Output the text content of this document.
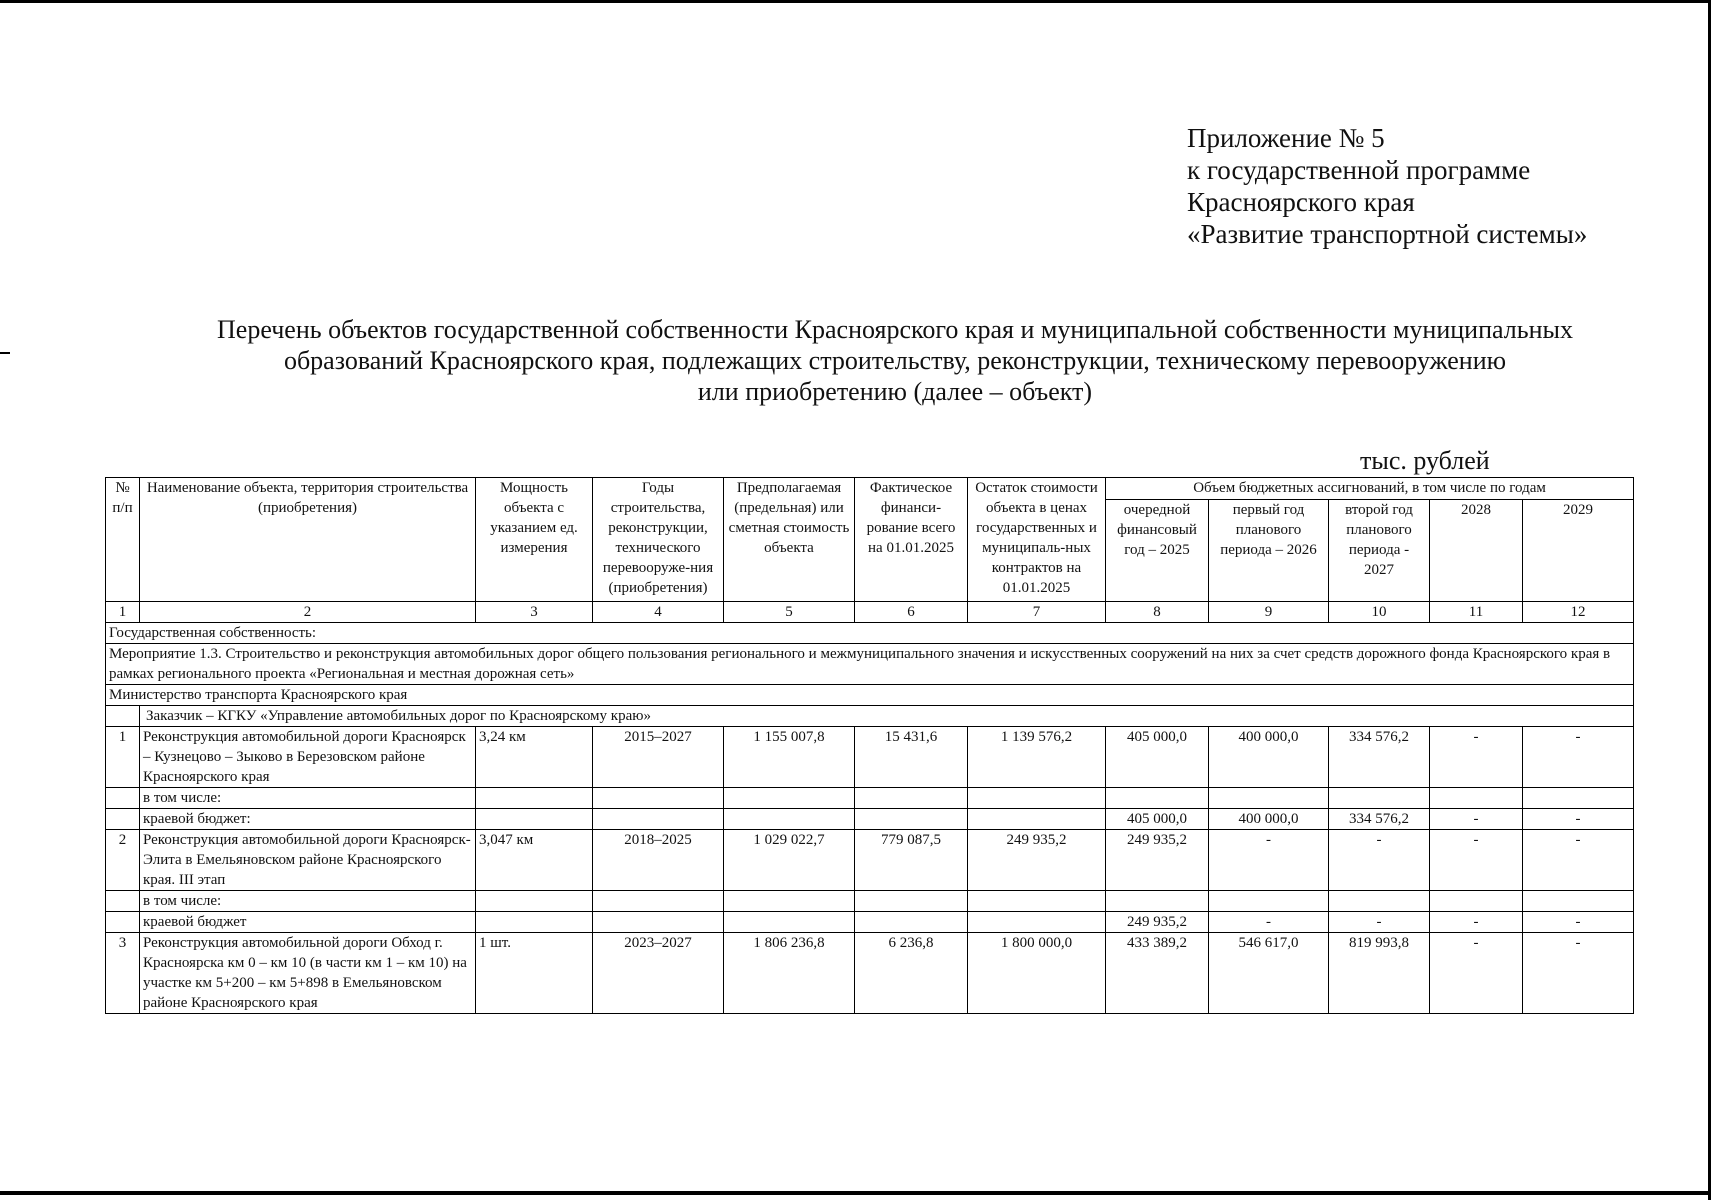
Приложение № 5
к государственной программе
Красноярского края
«Развитие транспортной системы»
Перечень объектов государственной собственности Красноярского края и муниципальной собственности муниципальных
образований Красноярского края, подлежащих строительству, реконструкции, техническому перевооружению
или приобретению (далее – объект)
тыс. рублей
№ п/п	Наименование объекта, территория строительства (приобретения)	Мощность объекта с указанием ед. измерения	Годы строительства, реконструкции, технического перевооруже-ния (приобретения)	Предполагаемая (предельная) или сметная стоимость объекта	Фактическое финанси-рование всего на 01.01.2025	Остаток стоимости объекта в ценах государственных и муниципаль-ных контрактов на 01.01.2025	Объем бюджетных ассигнований, в том числе по годам				
							очередной финансовый год – 2025	первый год планового периода – 2026	второй год планового периода - 2027	2028	2029
1	2	3	4	5	6	7	8	9	10	11	12
Государственная собственность:											
Мероприятие 1.3. Строительство и реконструкция автомобильных дорог общего пользования регионального и межмуниципального значения и искусственных сооружений на них за счет средств дорожного фонда Красноярского края в рамках регионального проекта «Региональная и местная дорожная сеть»											
Министерство транспорта Красноярского края											
	Заказчик – КГКУ «Управление автомобильных дорог по Красноярскому краю»										
1	Реконструкция автомобильной дороги Красноярск – Кузнецово – Зыково в Березовском районе Красноярского края	3,24 км	2015–2027	1 155 007,8	15 431,6	1 139 576,2	405 000,0	400 000,0	334 576,2	-	-
	в том числе:										
	краевой бюджет:						405 000,0	400 000,0	334 576,2	-	-
2	Реконструкция автомобильной дороги Красноярск-Элита в Емельяновском районе Красноярского края. III этап	3,047 км	2018–2025	1 029 022,7	779 087,5	249 935,2	249 935,2	-	-	-	-
	в том числе:										
	краевой бюджет						249 935,2	-	-	-	-
3	Реконструкция автомобильной дороги Обход г. Красноярска км 0 – км 10 (в части км 1 – км 10) на участке км 5+200 – км 5+898 в Емельяновском районе Красноярского края	1 шт.	2023–2027	1 806 236,8	6 236,8	1 800 000,0	433 389,2	546 617,0	819 993,8	-	-
